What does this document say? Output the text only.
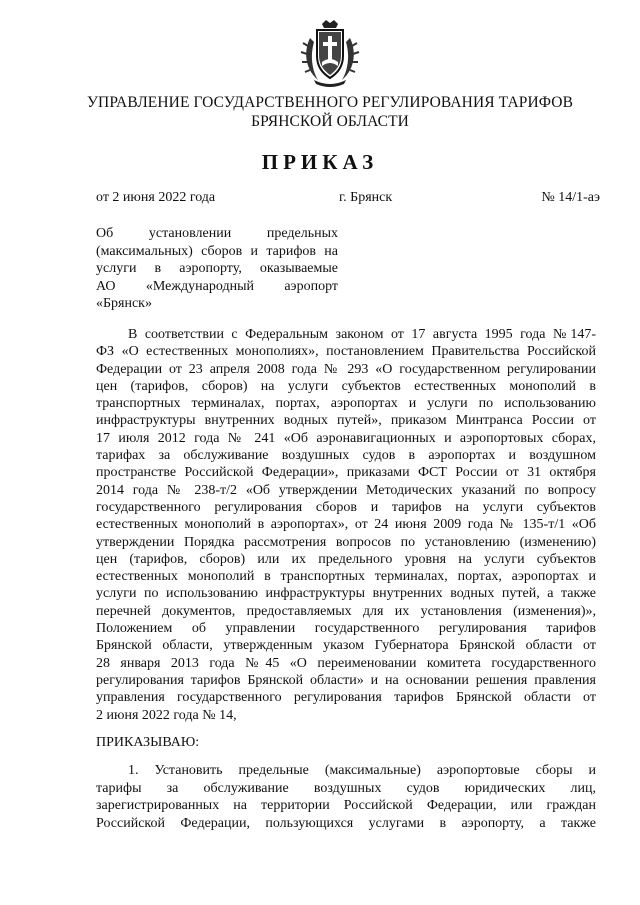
УПРАВЛЕНИЕ ГОСУДАРСТВЕННОГО РЕГУЛИРОВАНИЯ ТАРИФОВ
БРЯНСКОЙ ОБЛАСТИ
ПРИКАЗ
от 2 июня 2022 года	г. Брянск	№ 14/1-аэ
Об установлении предельных
(максимальных) сборов и тарифов на
услуги в аэропорту, оказываемые
АО «Международный аэропорт
«Брянск»
В соответствии с Федеральным законом от 17 августа 1995 года №147-
ФЗ «О естественных монополиях», постановлением Правительства Российской
Федерации от 23 апреля 2008 года № 293 «О государственном регулировании
цен (тарифов, сборов) на услуги субъектов естественных монополий в
транспортных терминалах, портах, аэропортах и услуги по использованию
инфраструктуры внутренних водных путей», приказом Минтранса России от
17 июля 2012 года № 241 «Об аэронавигационных и аэропортовых сборах,
тарифах за обслуживание воздушных судов в аэропортах и воздушном
пространстве Российской Федерации», приказами ФСТ России от 31 октября
2014 года № 238-т/2 «Об утверждении Методических указаний по вопросу
государственного регулирования сборов и тарифов на услуги субъектов
естественных монополий в аэропортах», от 24 июня 2009 года № 135-т/1 «Об
утверждении Порядка рассмотрения вопросов по установлению (изменению)
цен (тарифов, сборов) или их предельного уровня на услуги субъектов
естественных монополий в транспортных терминалах, портах, аэропортах и
услуги по использованию инфраструктуры внутренних водных путей, а также
перечней документов, предоставляемых для их установления (изменения)»,
Положением об управлении государственного регулирования тарифов
Брянской области, утвержденным указом Губернатора Брянской области от
28 января 2013 года №45 «О переименовании комитета государственного
регулирования тарифов Брянской области» и на основании решения правления
управления государственного регулирования тарифов Брянской области от
2 июня 2022 года № 14,
ПРИКАЗЫВАЮ:
1. Установить предельные (максимальные) аэропортовые сборы и
тарифы за обслуживание воздушных судов юридических лиц,
зарегистрированных на территории Российской Федерации, или граждан
Российской Федерации, пользующихся услугами в аэропорту, а также
